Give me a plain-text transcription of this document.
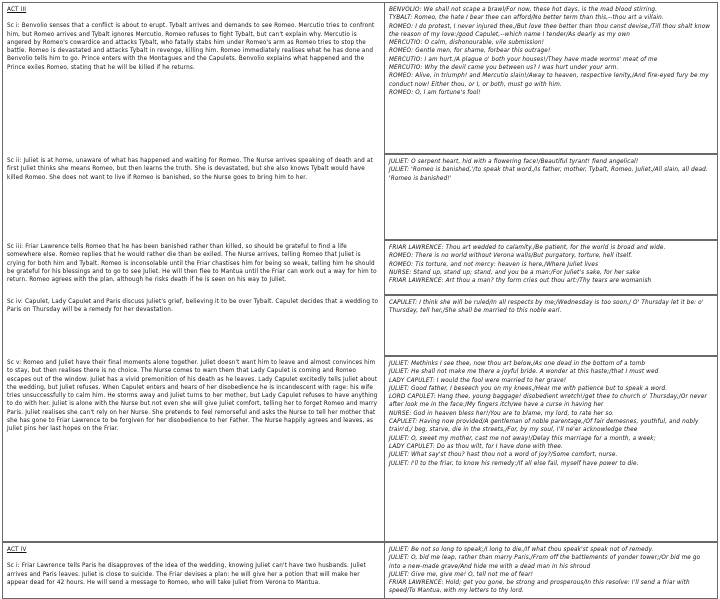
ACT III
Sc i: Benvolio senses that a conflict is about to erupt. Tybalt arrives and demands to see Romeo. Mercutio tries to confront him, but Romeo arrives and Tybalt ignores Mercutio. Romeo refuses to fight Tybalt, but can't explain why. Mercutio is angered by Romeo's cowardice and attacks Tybalt, who fatally stabs him under Romeo's arm as Romeo tries to stop the battle. Romeo is devastated and attacks Tybalt in revenge, killing him. Romeo immediately realises what he has done and Benvolio tells him to go. Prince enters with the Montagues and the Capulets. Benvolio explains what happened and the Prince exiles Romeo, stating that he will be killed if he returns.
BENVOLIO: We shall not scape a brawl/For now, these hot days, is the mad blood stirring.
TYBALT: Romeo, the hate I bear thee can afford/No better term than this,--thou art a villain.
ROMEO: I do protest, I never injured thee,/But love thee better than thou canst devise,/Till thou shalt know the reason of my love:/good Capulet,--which name I tender/As dearly as my own
MERCUTIO: O calm, dishonourable, vile submission!
ROMEO: Gentle men, for shame, forbear this outrage!
MERCUTIO: I am hurt./A plague o' both your houses!/They have made worms' meat of me
MERCUTIO: Why the devil came you between us? I was hurt under your arm.
ROMEO: Alive, in triumph! and Mercutio slain!/Away to heaven, respective lenity,/And fire-eyed fury be my conduct now! Either thou, or I, or both, must go with him.
ROMEO: O, I am fortune's fool!
Sc ii: Juliet is at home, unaware of what has happened and waiting for Romeo. The Nurse arrives speaking of death and at first Juliet thinks she means Romeo, but then learns the truth. She is devastated, but she also knows Tybalt would have killed Romeo. She does not want to live if Romeo is banished, so the Nurse goes to bring him to her.
JULIET: O serpent heart, hid with a flowering face!/Beautiful tyrant! fiend angelical!
JULIET: 'Romeo is banished,'/to speak that word,/Is father, mother, Tybalt, Romeo, Juliet,/All slain, all dead. 'Romeo is banished!'
Sc iii: Friar Lawrence tells Romeo that he has been banished rather than killed, so should be grateful to find a life somewhere else. Romeo replies that he would rather die than be exiled. The Nurse arrives, telling Romeo that Juliet is crying for both him and Tybalt. Romeo is inconsolable until the Friar chastises him for being so weak, telling him he should be grateful for his blessings and to go to see Juliet. He will then flee to Mantua until the Friar can work out a way for him to return. Romeo agrees with the plan, although he risks death if he is seen on his way to Juliet.
FRIAR LAWRENCE: Thou art wedded to calamity./Be patient, for the world is broad and wide.
ROMEO: There is no world without Verona walls/But purgatory, torture, hell itself.
ROMEO: Tis torture, and not mercy: heaven is here,/Where Juliet lives
NURSE: Stand up, stand up; stand, and you be a man:/For Juliet's sake, for her sake
FRIAR LAWRENCE: Art thou a man? thy form cries out thou art:/Thy tears are womanish
Sc iv: Capulet, Lady Capulet and Paris discuss Juliet's grief, believing it to be over Tybalt. Capulet decides that a wedding to Paris on Thursday will be a remedy for her devastation.
CAPULET: I think she will be ruled/In all respects by me;/Wednesday is too soon,/ O' Thursday let it be: o' Thursday, tell her,/She shall be married to this noble earl.
Sc v: Romeo and Juliet have their final moments alone together. Juliet doesn't want him to leave and almost convinces him to stay, but then realises there is no choice. The Nurse comes to warn them that Lady Capulet is coming and Romeo escapes out of the window. Juliet has a vivid premonition of his death as he leaves. Lady Capulet excitedly tells Juliet about the wedding, but Juliet refuses. When Capulet enters and hears of her disobedience he is incandescent with rage: his wife tries unsuccessfully to calm him. He storms away and Juliet turns to her mother, but Lady Capulet refuses to have anything to do with her. Juliet is alone with the Nurse but not even she will give Juliet comfort, telling her to forget Romeo and marry Paris. Juliet realises she can't rely on her Nurse. She pretends to feel remorseful and asks the Nurse to tell her mother that she has gone to Friar Lawrence to be forgiven for her disobedience to her Father. The Nurse happily agrees and leaves, as Juliet pins her last hopes on the Friar.
JULIET: Methinks I see thee, now thou art below,/As one dead in the bottom of a tomb
JULIET: He shall not make me there a joyful bride. A wonder at this haste;/that I must wed
LADY CAPULET: I would the fool were married to her grave!
JULIET: Good father, I beseech you on my knees,/Hear me with patience but to speak a word.
LORD CAPULET: Hang thee, young baggage! disobedient wretch!/get thee to church o' Thursday,/Or never after look me in the face:/My fingers itch/we have a curse in having her
NURSE: God in heaven bless her!/You are to blame, my lord, to rate her so.
CAPULET: Having now provided/A gentleman of noble parentage,/Of fair demesnes, youthful, and nobly train'd,/ beg, starve, die in the streets,/For, by my soul, I'll ne'er acknowledge thee
JULIET: O, sweet my mother, cast me not away!/Delay this marriage for a month, a week;
LADY CAPULET: Do as thou wilt, for I have done with thee.
JULIET: What say'st thou? hast thou not a word of joy?/Some comfort, nurse.
JULIET: I'll to the friar, to know his remedy:/If all else fail, myself have power to die.
ACT IV
Sc i: Friar Lawrence tells Paris he disapproves of the idea of the wedding, knowing Juliet can't have two husbands. Juliet arrives and Paris leaves. Juliet is close to suicide. The Friar devises a plan: he will give her a potion that will make her appear dead for 42 hours. He will send a message to Romeo, who will take Juliet from Verona to Mantua.
JULIET: Be not so long to speak;/I long to die,/If what thou speak'st speak not of remedy.
JULIET: O, bid me leap, rather than marry Paris,/From off the battlements of yonder tower;/Or bid me go into a new-made grave/And hide me with a dead man in his shroud
JULIET: Give me, give me! O, tell not me of fear!
FRIAR LAWRENCE: Hold; get you gone, be strong and prosperous/In this resolve: I'll send a friar with speed/To Mantua, with my letters to thy lord.
